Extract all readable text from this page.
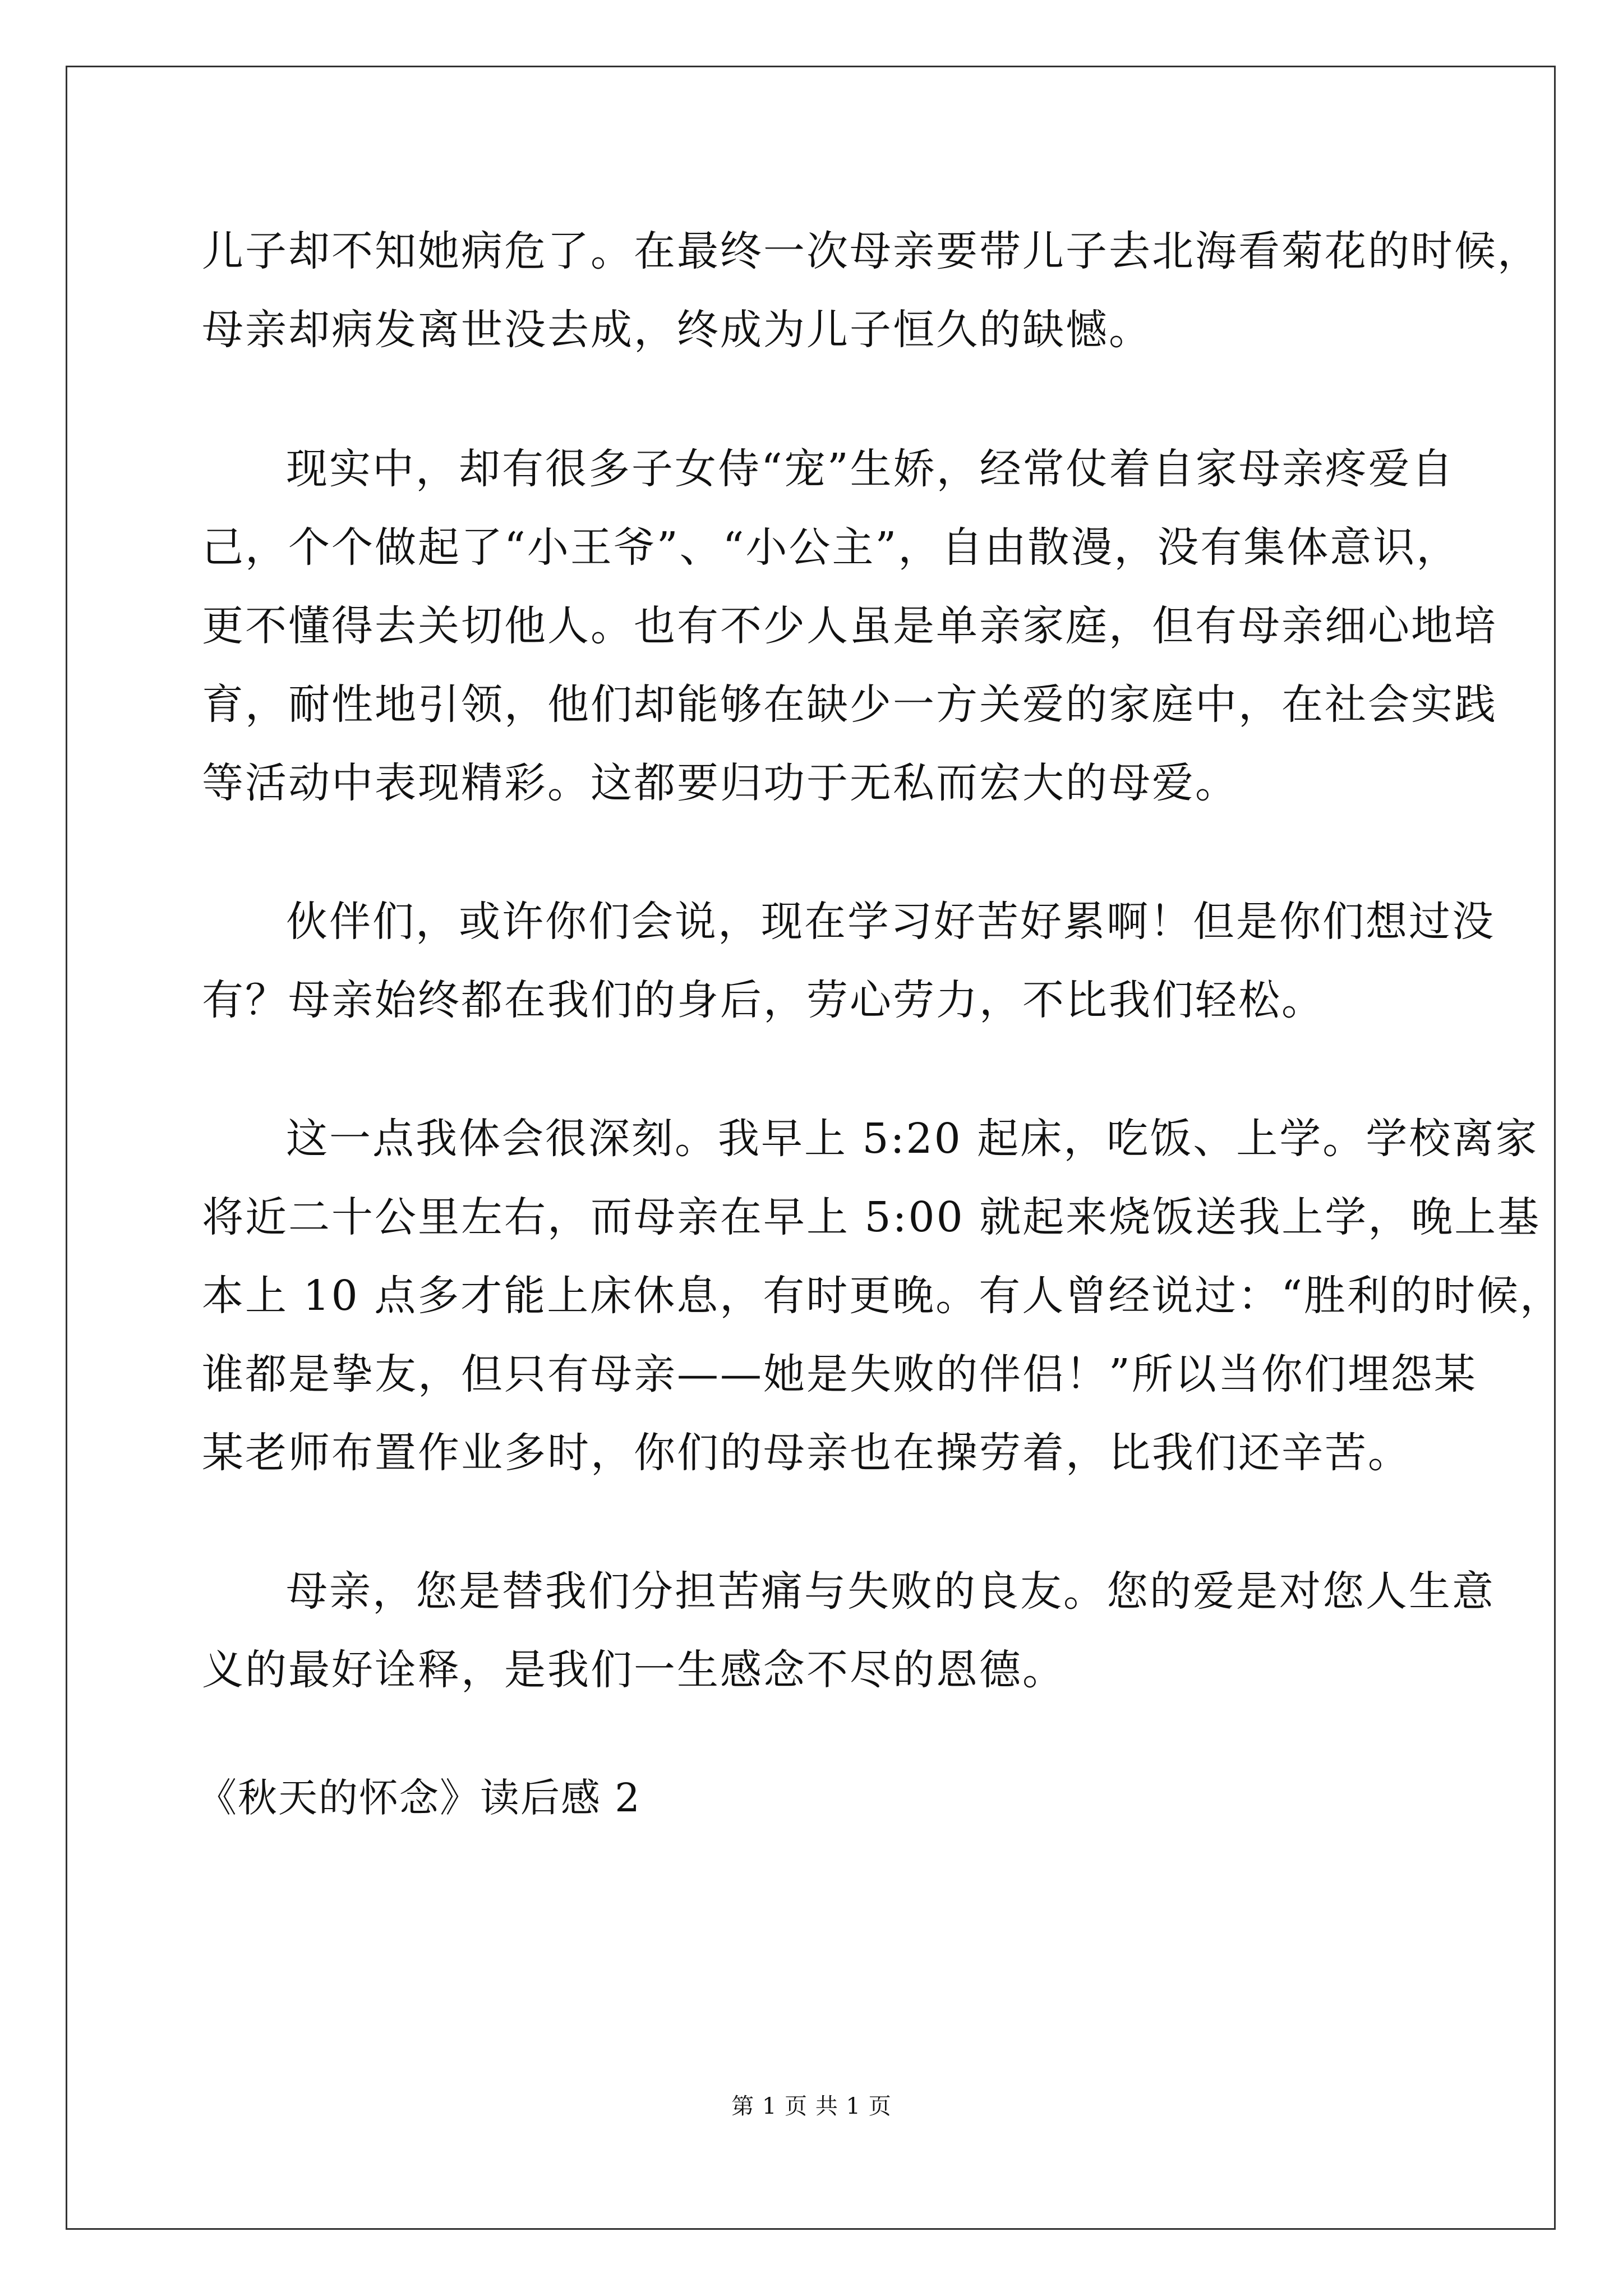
儿子却不知她病危了。在最终一次母亲要带儿子去北海看菊花的时候，
母亲却病发离世没去成，终成为儿子恒久的缺憾。
现实中，却有很多子女侍“宠”生娇，经常仗着自家母亲疼爱自
己，个个做起了“小王爷”、“小公主”，自由散漫，没有集体意识，
更不懂得去关切他人。也有不少人虽是单亲家庭，但有母亲细心地培
育，耐性地引领，他们却能够在缺少一方关爱的家庭中，在社会实践
等活动中表现精彩。这都要归功于无私而宏大的母爱。
伙伴们，或许你们会说，现在学习好苦好累啊！但是你们想过没
有？母亲始终都在我们的身后，劳心劳力，不比我们轻松。
这一点我体会很深刻。我早上 5:20 起床，吃饭、上学。学校离家
将近二十公里左右，而母亲在早上 5:00 就起来烧饭送我上学，晚上基
本上 10 点多才能上床休息，有时更晚。有人曾经说过：“胜利的时候，
谁都是挚友，但只有母亲——她是失败的伴侣！”所以当你们埋怨某
某老师布置作业多时，你们的母亲也在操劳着，比我们还辛苦。
母亲，您是替我们分担苦痛与失败的良友。您的爱是对您人生意
义的最好诠释，是我们一生感念不尽的恩德。
《秋天的怀念》读后感 2
第 1 页 共 1 页
